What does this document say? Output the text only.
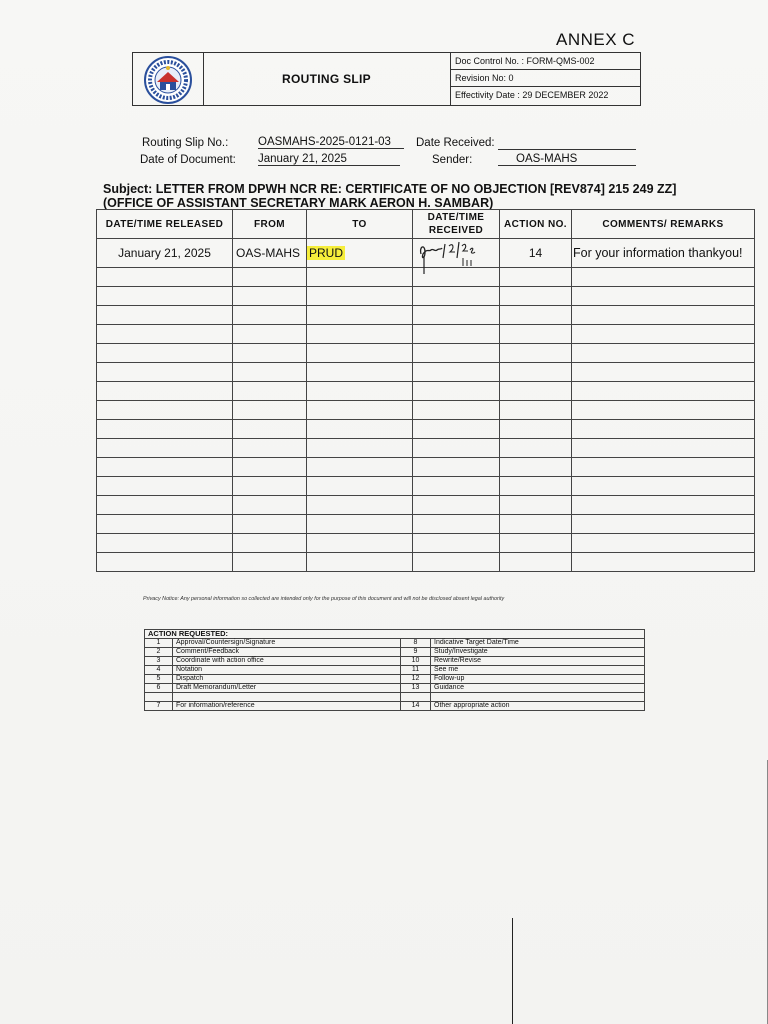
ANNEX C
ROUTING SLIP
Doc Control No. : FORM-QMS-002
Revision No: 0
Effectivity Date : 29 DECEMBER 2022
Routing Slip No.:	OASMAHS-2025-0121-03	Date Received:
Date of Document: January 21, 2025	Sender:	OAS-MAHS
Subject: LETTER FROM DPWH NCR RE: CERTIFICATE OF NO OBJECTION [REV874] 215 249 ZZ] (OFFICE OF ASSISTANT SECRETARY MARK AERON H. SAMBAR)
DATE/TIME RELEASED	FROM	TO	DATE/TIME RECEIVED	ACTION NO.	COMMENTS/ REMARKS
January 21, 2025	OAS-MAHS	PRUD		14	For your information thankyou!

Privacy Notice: Any personal information so collected are intended only for the purpose of this document and will not be disclosed absent legal authority
ACTION REQUESTED:			
1	Approval/Countersign/Signature	8	Indicative Target Date/Time
2	Comment/Feedback	9	Study/Investigate
3	Coordinate with action office	10	Rewrite/Revise
4	Notation	11	See me
5	Dispatch	12	Follow-up
6	Draft Memorandum/Letter	13	Guidance

7	For information/reference	14	Other appropriate action
